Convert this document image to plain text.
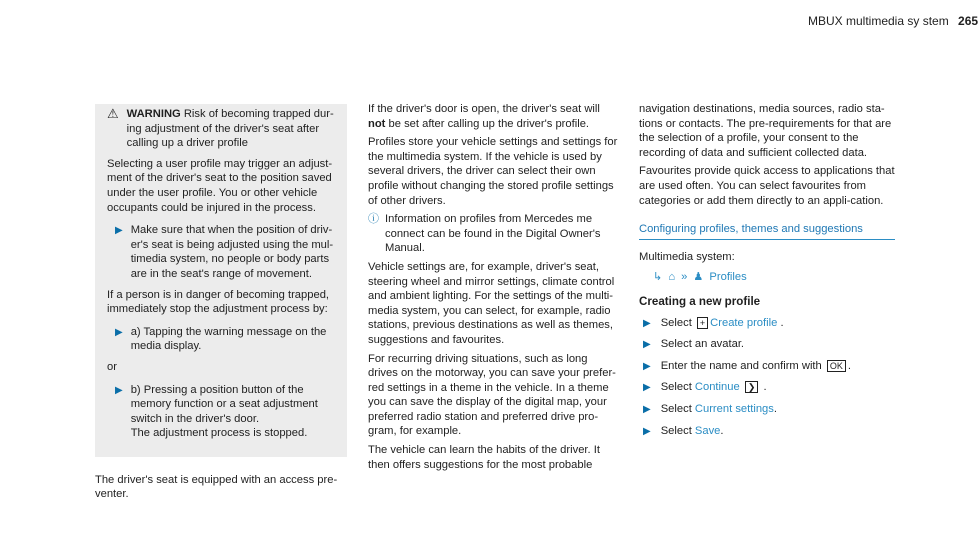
MBUX multimedia sy stem 265
⚠ WARNING Risk of becoming trapped dur-ing adjustment of the driver's seat after calling up a driver profile

Selecting a user profile may trigger an adjust-ment of the driver's seat to the position saved under the user profile. You or other vehicle occupants could be injured in the process.

▶ Make sure that when the position of driv-er's seat is being adjusted using the mul-timedia system, no people or body parts are in the seat's range of movement.

If a person is in danger of becoming trapped, immediately stop the adjustment process by:

▶ a) Tapping the warning message on the media display.

or

▶ b) Pressing a position button of the memory function or a seat adjustment switch in the driver's door.
The adjustment process is stopped.

The driver's seat is equipped with an access pre-venter.

If the driver's door is open, the driver's seat will not be set after calling up the driver's profile.

Profiles store your vehicle settings and settings for the multimedia system. If the vehicle is used by several drivers, the driver can select their own profile without changing the stored profile settings of other drivers.

ⓘ Information on profiles from Mercedes me connect can be found in the Digital Owner's Manual.

Vehicle settings are, for example, driver's seat, steering wheel and mirror settings, climate control and ambient lighting. For the settings of the multi-media system, you can select, for example, radio stations, previous destinations as well as themes, suggestions and favourites.

For recurring driving situations, such as long drives on the motorway, you can save your prefer-red settings in a theme in the vehicle. In a theme you can save the display of the digital map, your preferred radio station and preferred drive pro-gram, for example.

The vehicle can learn the habits of the driver. It then offers suggestions for the most probable

navigation destinations, media sources, radio sta-tions or contacts. The pre-requirements for that are the selection of a profile, your consent to the recording of data and sufficient collected data.

Favourites provide quick access to applications that are used often. You can select favourites from categories or add them directly to an appli-cation.

Configuring profiles, themes and suggestions

Multimedia system:

↳ ⌂ » ♟ Profiles
Creating a new profile
▶ Select + Create profile .
▶ Select an avatar.
▶ Enter the name and confirm with OK .
▶ Select Continue ❯ .
▶ Select Current settings.
▶ Select Save.
